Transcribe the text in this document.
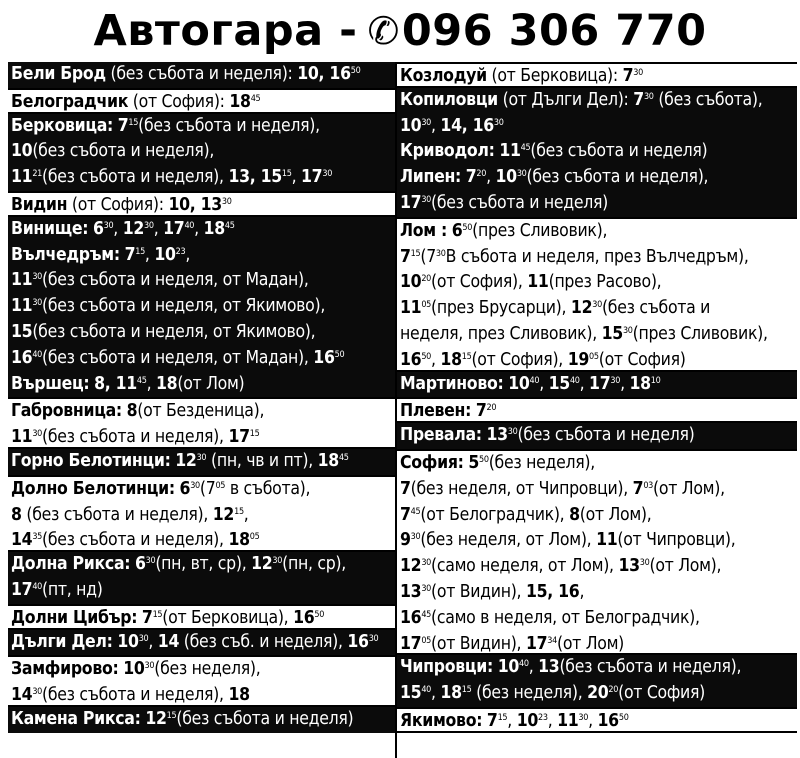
Автогара - ✆ 096 306 770
Бели Брод (без събота и неделя): 10, $16^{50}$
Белоградчик (от София): $18^{45}$
Берковица: $7^{15}(без$ събота и неделя),
10(без събота и неделя),
$11^{21}(без$ събота и неделя), 13, $15^{15}$, $17^{30}$
Видин (от София): 10, $13^{30}$
Винище: $6^{30}$, $12^{30}$, $17^{40}$, $18^{45}$
Вълчедръм: $7^{15}$, $10^{23}$,
$11^{30}(без$ събота и неделя, от Мадан),
$11^{30}(без$ събота и неделя, от Якимово),
15(без събота и неделя, от Якимово),
$16^{40}(без$ събота и неделя, от Мадан), $16^{50}$
Вършец: 8, $11^{45}$, 18(от Лом)
Габровница: 8(от Безденица),
$11^{30}(без$ събота и неделя), $17^{15}$
Горно Белотинци: $12^{30}$ (пн, чв и пт), $18^{45}$
Долно Белотинци: $6^{30}(7^{05}$ в събота),
8 (без събота и неделя), $12^{15}$,
$14^{35}(без$ събота и неделя), $18^{05}$
Долна Рикса: $6^{30}(пн$, вт, ср), $12^{30}(пн$, ср),
$17^{40}(пт$, нд)
Долни Цибър: $7^{15}(от$ Берковица), $16^{50}$
Дълги Дел: $10^{30}$, 14 (без съб. и неделя), $16^{30}$
Замфирово: $10^{30}(без$ неделя),
$14^{30}(без$ събота и неделя), 18
Камена Рикса: $12^{15}(без$ събота и неделя)
Козлодуй (от Берковица): $7^{30}$
Копиловци (от Дълги Дел): $7^{30}$ (без събота),
$10^{30}$, 14, $16^{30}$
Криводол: $11^{45}(без$ събота и неделя)
Липен: $7^{20}$, $10^{30}(без$ събота и неделя),
$17^{30}(без$ събота и неделя)
Лом : $6^{50}(през$ Сливовик),
$7^{15}(7^{30}В$ събота и неделя, през Вълчедръм),
$10^{20}(от$ София), 11(през Расово),
$11^{05}(през$ Брусарци), $12^{30}(без$ събота и
неделя, през Сливовик), $15^{30}(през$ Сливовик),
$16^{50}$, $18^{15}(от$ София), $19^{05}(от$ София)
Мартиново: $10^{40}$, $15^{40}$, $17^{30}$, $18^{10}$
Плевен: $7^{20}$
Превала: $13^{30}(без$ събота и неделя)
София: $5^{50}(без$ неделя),
7(без неделя, от Чипровци), $7^{03}(от$ Лом),
$7^{45}(от$ Белоградчик), 8(от Лом),
$9^{30}(без$ неделя, от Лом), 11(от Чипровци),
$12^{30}(само$ неделя, от Лом), $13^{30}(от$ Лом),
$13^{30}(от$ Видин), 15, 16,
$16^{45}(само$ в неделя, от Белоградчик),
$17^{05}(от$ Видин), $17^{34}(от$ Лом)
Чипровци: $10^{40}$, 13(без събота и неделя),
$15^{40}$, $18^{15}$ (без неделя), $20^{20}(от$ София)
Якимово: $7^{15}$, $10^{23}$, $11^{30}$, $16^{50}$
